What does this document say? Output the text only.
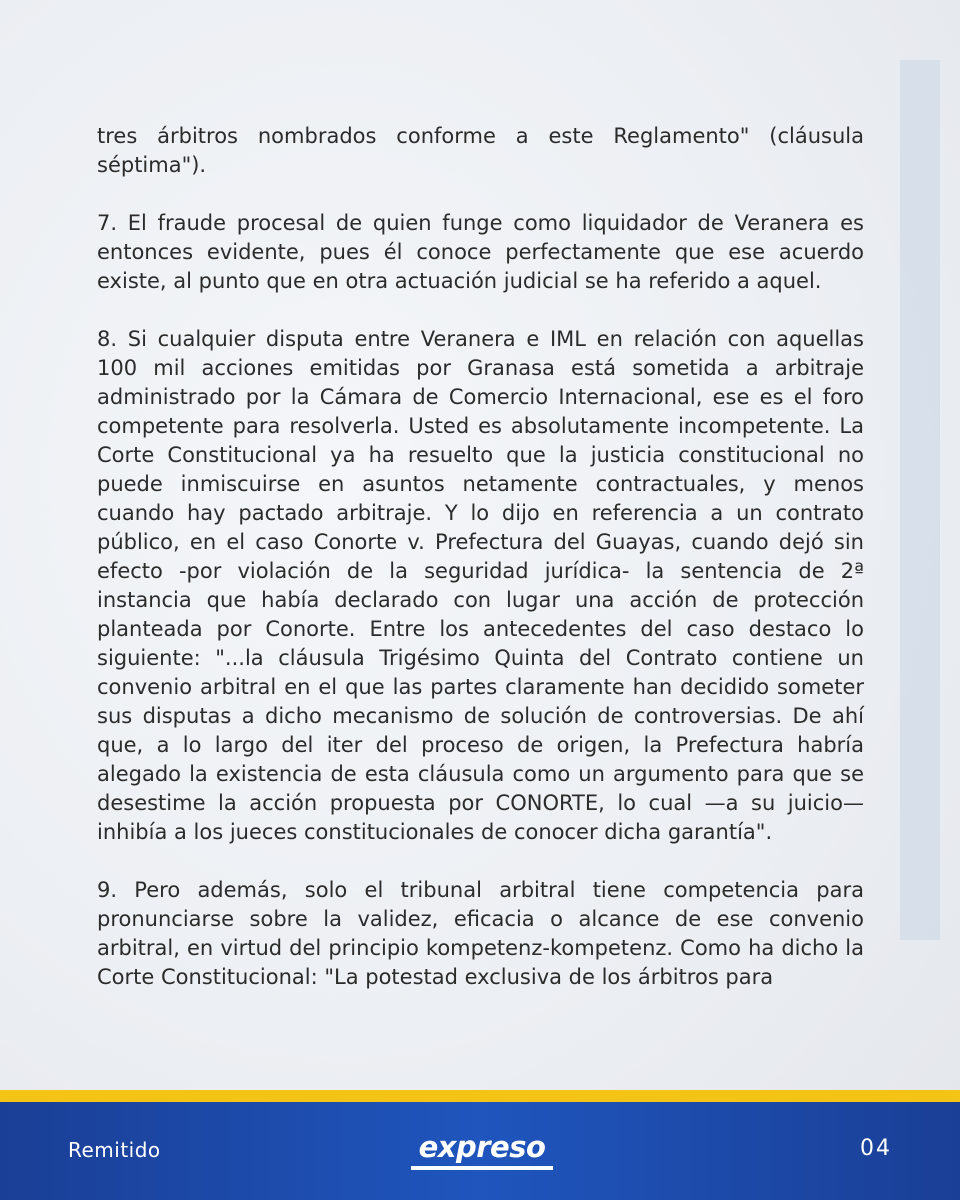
tres árbitros nombrados conforme a este Reglamento" (cláusula séptima").

7. El fraude procesal de quien funge como liquidador de Veranera es entonces evidente, pues él conoce perfectamente que ese acuerdo existe, al punto que en otra actuación judicial se ha referido a aquel.

8. Si cualquier disputa entre Veranera e IML en relación con aquellas 100 mil acciones emitidas por Granasa está sometida a arbitraje administrado por la Cámara de Comercio Internacional, ese es el foro competente para resolverla. Usted es absolutamente incompetente. La Corte Constitucional ya ha resuelto que la justicia constitucional no puede inmiscuirse en asuntos netamente contractuales, y menos cuando hay pactado arbitraje. Y lo dijo en referencia a un contrato público, en el caso Conorte v. Prefectura del Guayas, cuando dejó sin efecto -por violación de la seguridad jurídica- la sentencia de 2ª instancia que había declarado con lugar una acción de protección planteada por Conorte. Entre los antecedentes del caso destaco lo siguiente: "...la cláusula Trigésimo Quinta del Contrato contiene un convenio arbitral en el que las partes claramente han decidido someter sus disputas a dicho mecanismo de solución de controversias. De ahí que, a lo largo del iter del proceso de origen, la Prefectura habría alegado la existencia de esta cláusula como un argumento para que se desestime la acción propuesta por CONORTE, lo cual —a su juicio— inhibía a los jueces constitucionales de conocer dicha garantía".

9. Pero además, solo el tribunal arbitral tiene competencia para pronunciarse sobre la validez, eficacia o alcance de ese convenio arbitral, en virtud del principio kompetenz-kompetenz. Como ha dicho la Corte Constitucional: "La potestad exclusiva de los árbitros para

Remitido	expreso	04
